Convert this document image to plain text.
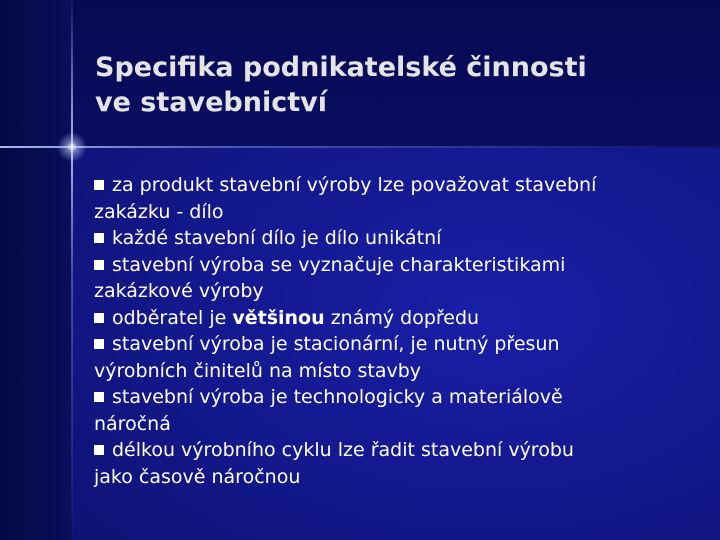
Specifika podnikatelské činnosti
ve stavebnictví
za produkt stavební výroby lze považovat stavební
zakázku - dílo
každé stavební dílo je dílo unikátní
stavební výroba se vyznačuje charakteristikami
zakázkové výroby
odběratel je většinou známý dopředu
stavební výroba je stacionární, je nutný přesun
výrobních činitelů na místo stavby
stavební výroba je technologicky a materiálově
náročná
délkou výrobního cyklu lze řadit stavební výrobu
jako časově náročnou
